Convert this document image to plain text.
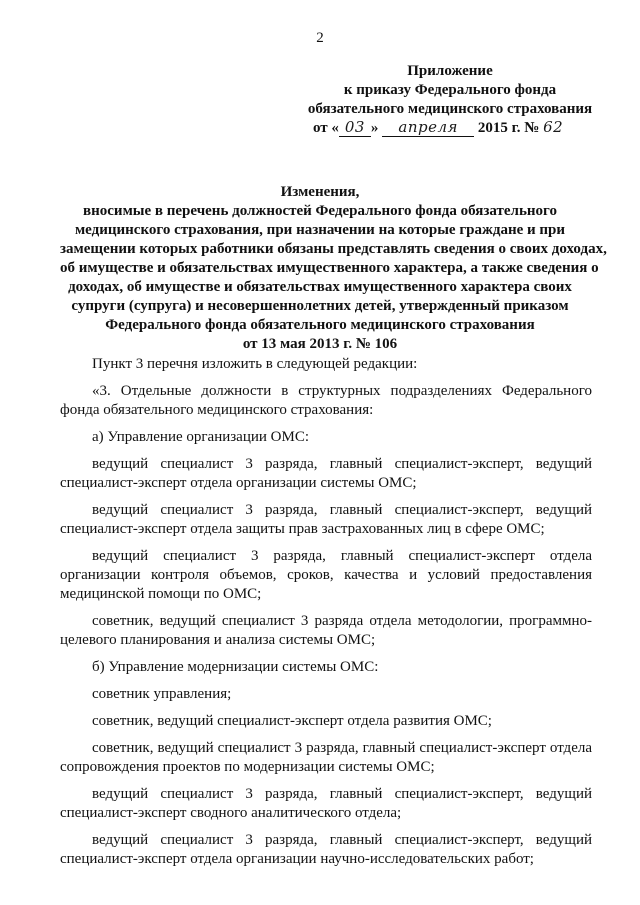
2
Приложение
к приказу Федерального фонда
обязательного медицинского страхования
от « 03 » апреля 2015 г. № 62
Изменения,
вносимые в перечень должностей Федерального фонда обязательного
медицинского страхования, при назначении на которые граждане и при
замещении которых работники обязаны представлять сведения о своих доходах,
об имуществе и обязательствах имущественного характера, а также сведения о
доходах, об имуществе и обязательствах имущественного характера своих
супруги (супруга) и несовершеннолетних детей, утвержденный приказом
Федерального фонда обязательного медицинского страхования
от 13 мая 2013 г. № 106

Пункт 3 перечня изложить в следующей редакции:

«3. Отдельные должности в структурных подразделениях Федерального фонда обязательного медицинского страхования:

а) Управление организации ОМС:

ведущий специалист 3 разряда, главный специалист-эксперт, ведущий специалист-эксперт отдела организации системы ОМС;

ведущий специалист 3 разряда, главный специалист-эксперт, ведущий специалист-эксперт отдела защиты прав застрахованных лиц в сфере ОМС;

ведущий специалист 3 разряда, главный специалист-эксперт отдела организации контроля объемов, сроков, качества и условий предоставления медицинской помощи по ОМС;

советник, ведущий специалист 3 разряда отдела методологии, программно-целевого планирования и анализа системы ОМС;

б) Управление модернизации системы ОМС:

советник управления;

советник, ведущий специалист-эксперт отдела развития ОМС;

советник, ведущий специалист 3 разряда, главный специалист-эксперт отдела сопровождения проектов по модернизации системы ОМС;

ведущий специалист 3 разряда, главный специалист-эксперт, ведущий специалист-эксперт сводного аналитического отдела;

ведущий специалист 3 разряда, главный специалист-эксперт, ведущий специалист-эксперт отдела организации научно-исследовательских работ;
